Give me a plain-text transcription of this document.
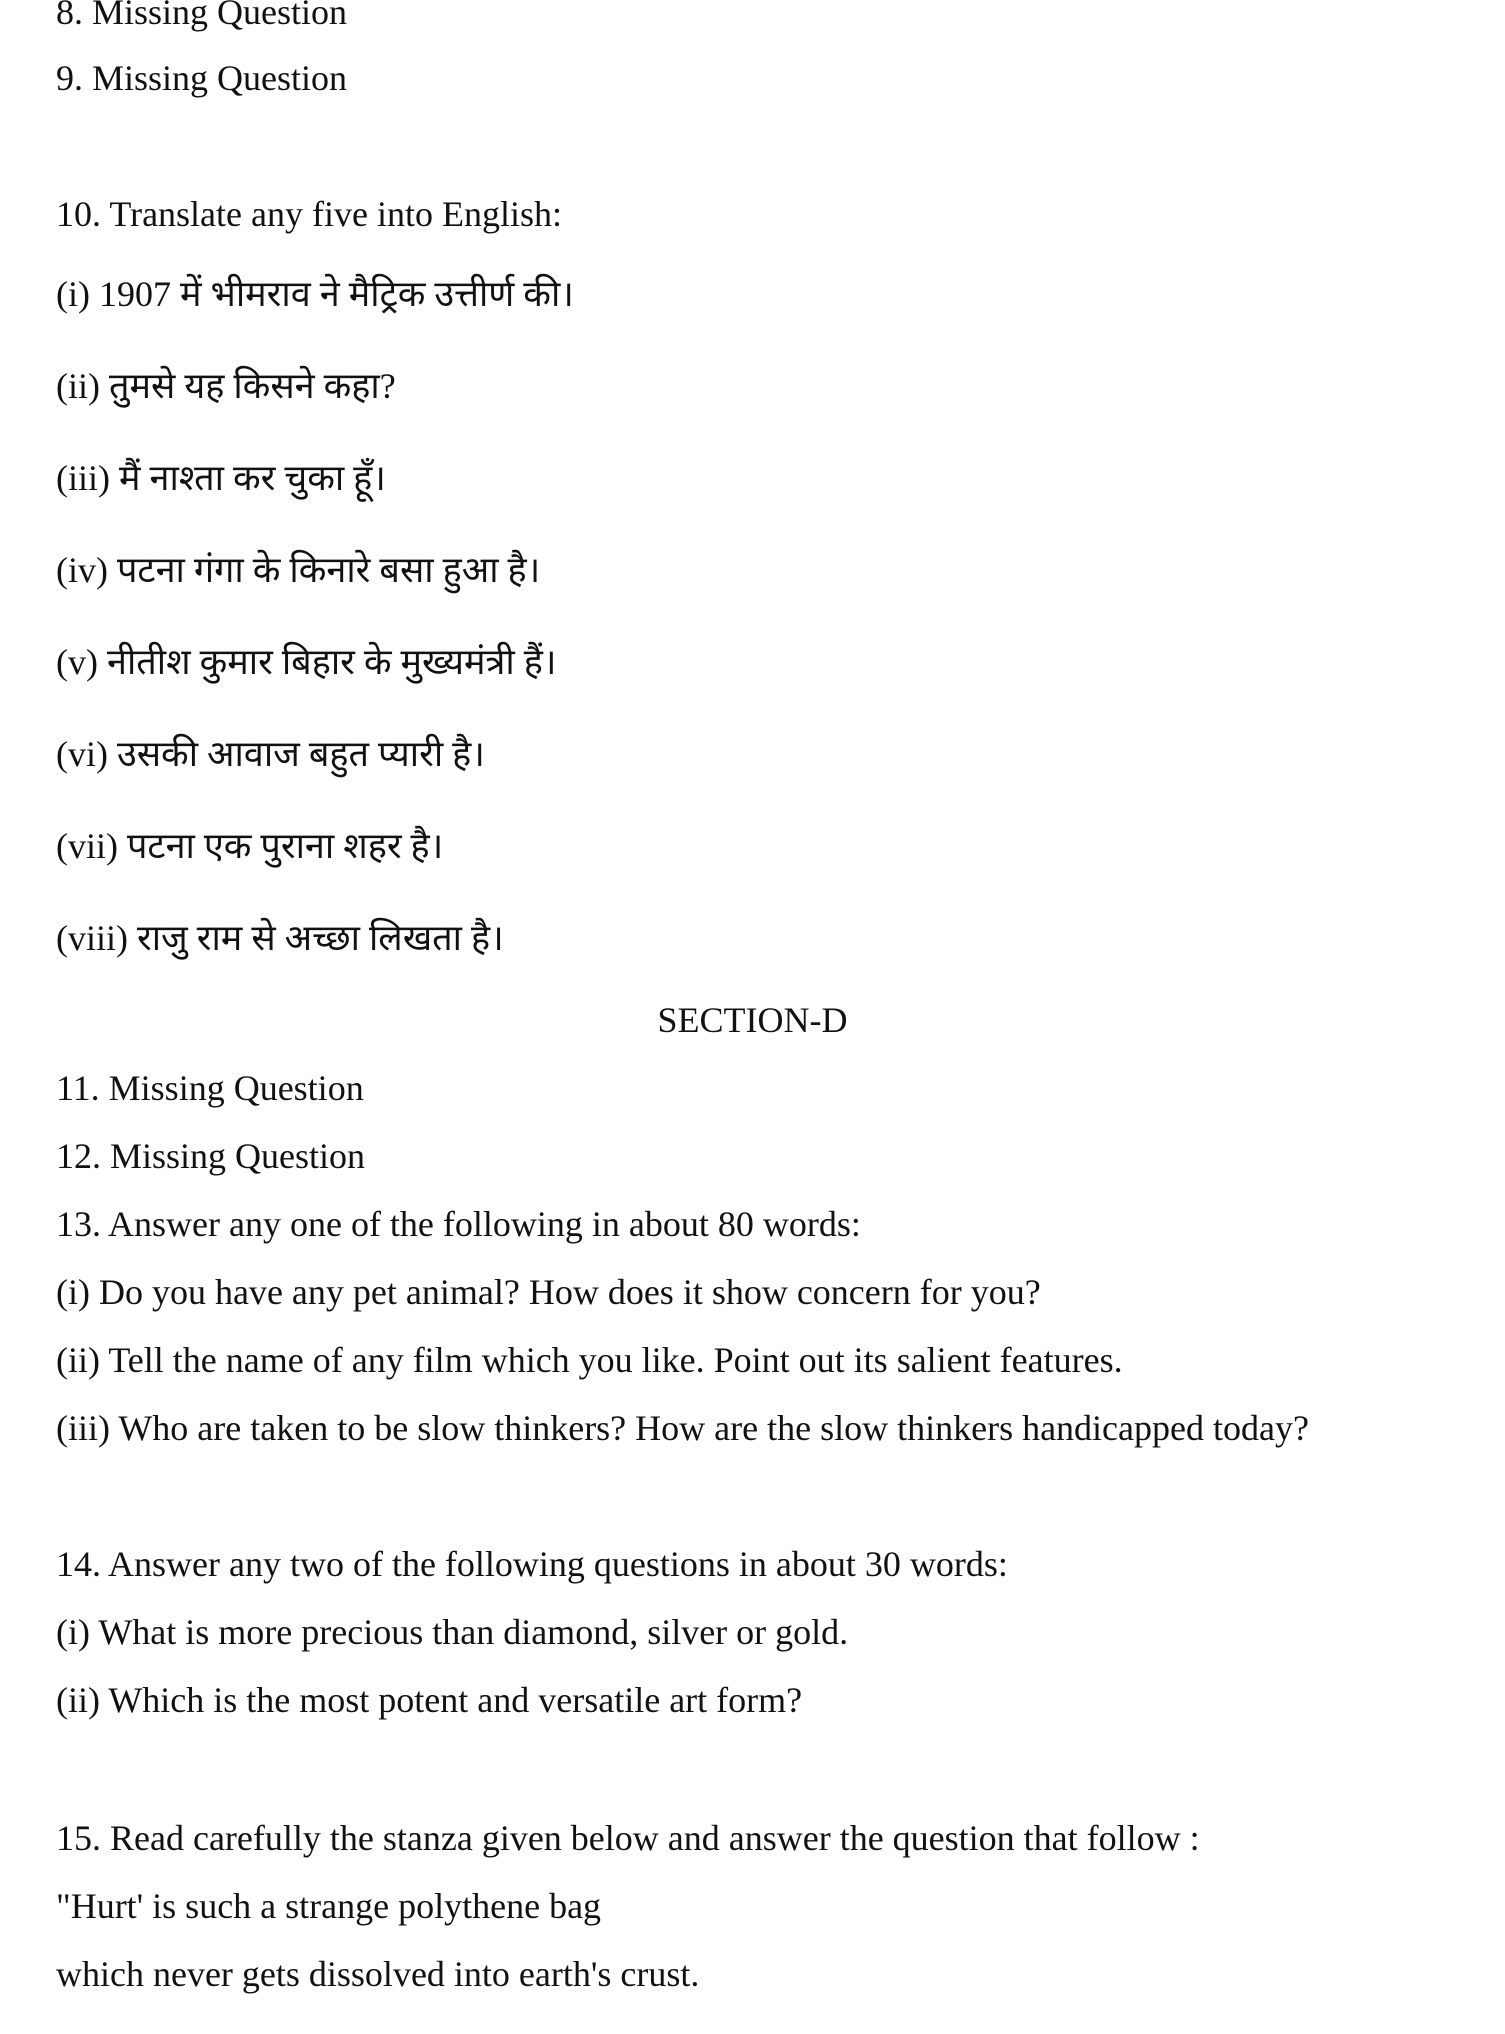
8. Missing Question
9. Missing Question
10. Translate any five into English:
(i) 1907 में भीमराव ने मैट्रिक उत्तीर्ण की।
(ii) तुमसे यह किसने कहा?
(iii) मैं नाश्ता कर चुका हूँ।
(iv) पटना गंगा के किनारे बसा हुआ है।
(v) नीतीश कुमार बिहार के मुख्यमंत्री हैं।
(vi) उसकी आवाज बहुत प्यारी है।
(vii) पटना एक पुराना शहर है।
(viii) राजु राम से अच्छा लिखता है।
SECTION-D
11. Missing Question
12. Missing Question
13. Answer any one of the following in about 80 words:
(i) Do you have any pet animal? How does it show concern for you?
(ii) Tell the name of any film which you like. Point out its salient features.
(iii) Who are taken to be slow thinkers? How are the slow thinkers handicapped today?
14. Answer any two of the following questions in about 30 words:
(i) What is more precious than diamond, silver or gold.
(ii) Which is the most potent and versatile art form?
15. Read carefully the stanza given below and answer the question that follow :
"Hurt' is such a strange polythene bag
which never gets dissolved into earth's crust.
